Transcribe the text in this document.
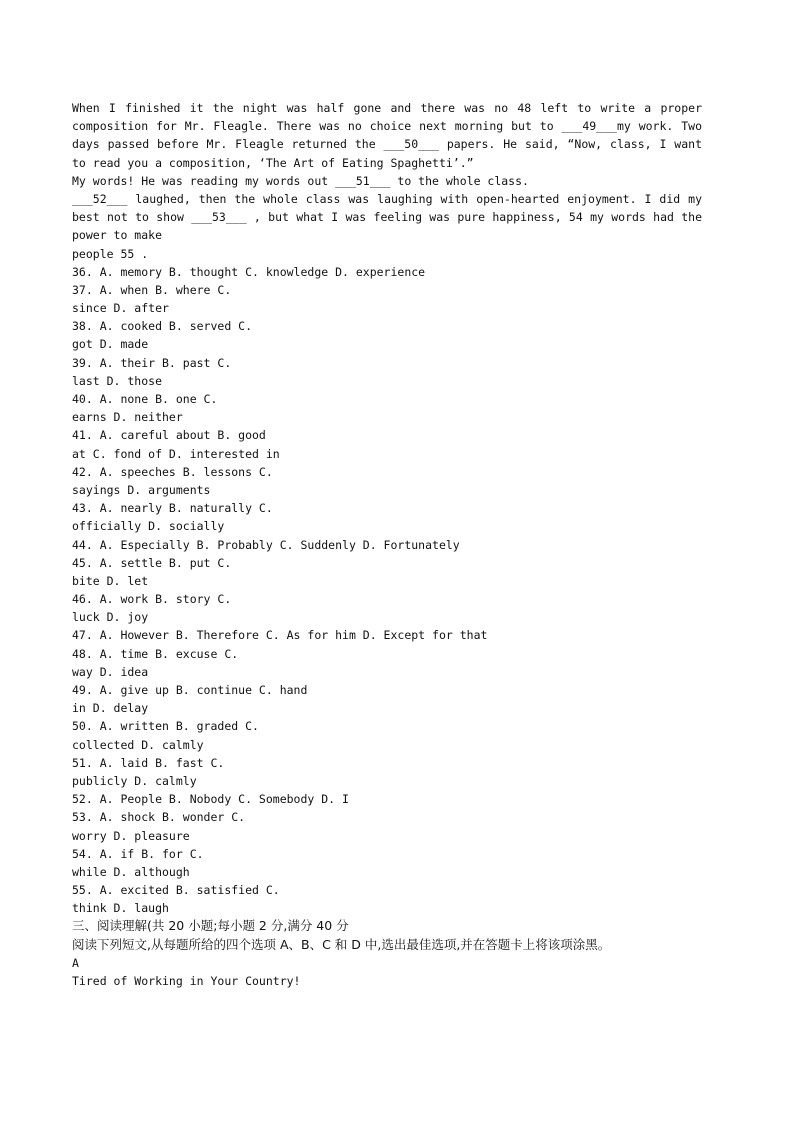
When I finished it the night was half gone and there was no 48 left to write a proper
composition for Mr. Fleagle. There was no choice next morning but to ___49___my work. Two
days passed before Mr. Fleagle returned the ___50___ papers. He said, “Now, class, I want
to read you a composition, ‘The Art of Eating Spaghetti’.”
My words! He was reading my words out ___51___ to the whole class.
___52___ laughed, then the whole class was laughing with open-hearted enjoyment. I did my
best not to show ___53___ , but what I was feeling was pure happiness, 54 my words had the
power to make
people 55 .
36. A. memory B. thought C. knowledge D. experience
37. A. when B. where C.
since D. after
38. A. cooked B. served C.
got D. made
39. A. their B. past C.
last D. those
40. A. none B. one C.
earns D. neither
41. A. careful about B. good
at C. fond of D. interested in
42. A. speeches B. lessons C.
sayings D. arguments
43. A. nearly B. naturally C.
officially D. socially
44. A. Especially B. Probably C. Suddenly D. Fortunately
45. A. settle B. put C.
bite D. let
46. A. work B. story C.
luck D. joy
47. A. However B. Therefore C. As for him D. Except for that
48. A. time B. excuse C.
way D. idea
49. A. give up B. continue C. hand
in D. delay
50. A. written B. graded C.
collected D. calmly
51. A. laid B. fast C.
publicly D. calmly
52. A. People B. Nobody C. Somebody D. I
53. A. shock B. wonder C.
worry D. pleasure
54. A. if B. for C.
while D. although
55. A. excited B. satisfied C.
think D. laugh
三、阅读理解(共 20 小题;每小题 2 分,满分 40 分
阅读下列短文,从每题所给的四个选项 A、B、C 和 D 中,选出最佳选项,并在答题卡上将该项涂黑。
A
Tired of Working in Your Country!
